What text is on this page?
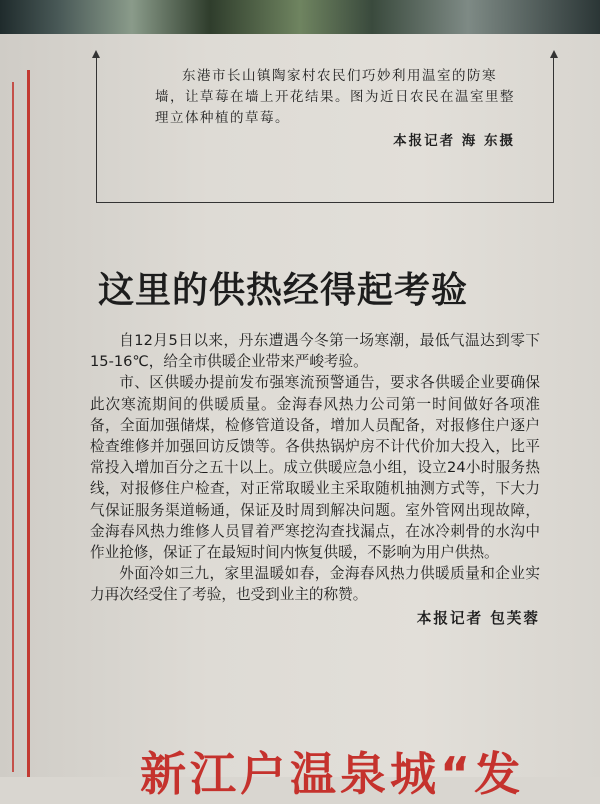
东港市长山镇陶家村农民们巧妙利用温室的防寒墙，让草莓在墙上开花结果。图为近日农民在温室里整理立体种植的草莓。

本报记者 海 东摄
这里的供热经得起考验

自12月5日以来，丹东遭遇今冬第一场寒潮，最低气温达到零下15-16℃，给全市供暖企业带来严峻考验。

市、区供暖办提前发布强寒流预警通告，要求各供暖企业要确保此次寒流期间的供暖质量。金海春风热力公司第一时间做好各项准备，全面加强储煤，检修管道设备，增加人员配备，对报修住户逐户检查维修并加强回访反馈等。各供热锅炉房不计代价加大投入，比平常投入增加百分之五十以上。成立供暖应急小组，设立24小时服务热线，对报修住户检查，对正常取暖业主采取随机抽测方式等，下大力气保证服务渠道畅通，保证及时周到解决问题。室外管网出现故障，金海春风热力维修人员冒着严寒挖沟查找漏点，在冰冷刺骨的水沟中作业抢修，保证了在最短时间内恢复供暖，不影响为用户供热。

外面冷如三九，家里温暖如春，金海春风热力供暖质量和企业实力再次经受住了考验，也受到业主的称赞。

本报记者 包芙蓉
新江户温泉城“发
